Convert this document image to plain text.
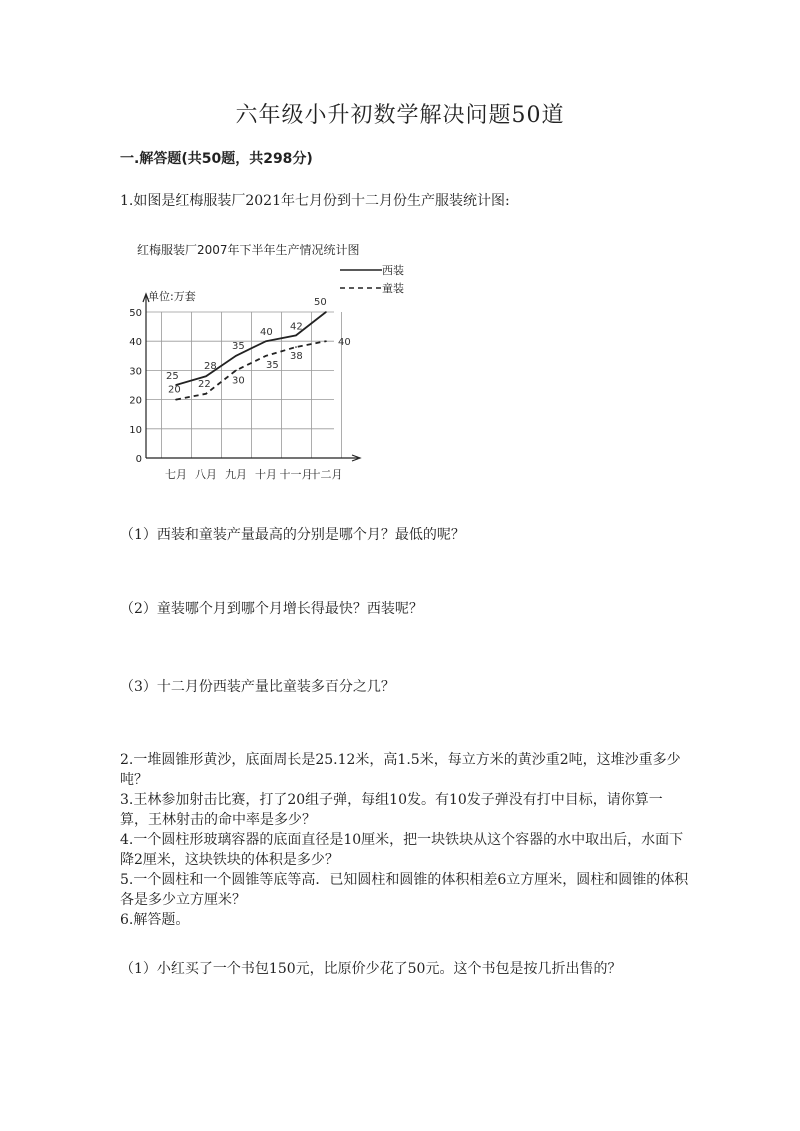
六年级小升初数学解决问题50道
一.解答题(共50题，共298分)
1.如图是红梅服装厂2021年七月份到十二月份生产服装统计图:
红梅服装厂2007年下半年生产情况统计图
单位:万套
0
10
20
30
40
50
七月 八月 九月 十月 十一月
十二月
25
28
35
40
42
50
20
22 30
35
38
40
西装
童装
（1）西装和童装产量最高的分别是哪个月？最低的呢？
（2）童装哪个月到哪个月增长得最快？西装呢？
（3）十二月份西装产量比童装多百分之几？

2.一堆圆锥形黄沙，底面周长是25.12米，高1.5米，每立方米的黄沙重2吨，这堆沙重多少吨？

3.王林参加射击比赛，打了20组子弹，每组10发。有10发子弹没有打中目标，请你算一算，王林射击的命中率是多少？

4.一个圆柱形玻璃容器的底面直径是10厘米，把一块铁块从这个容器的水中取出后，水面下降2厘米，这块铁块的体积是多少？

5.一个圆柱和一个圆锥等底等高．已知圆柱和圆锥的体积相差6立方厘米，圆柱和圆锥的体积各是多少立方厘米？

6.解答题。

（1）小红买了一个书包150元，比原价少花了50元。这个书包是按几折出售的？
